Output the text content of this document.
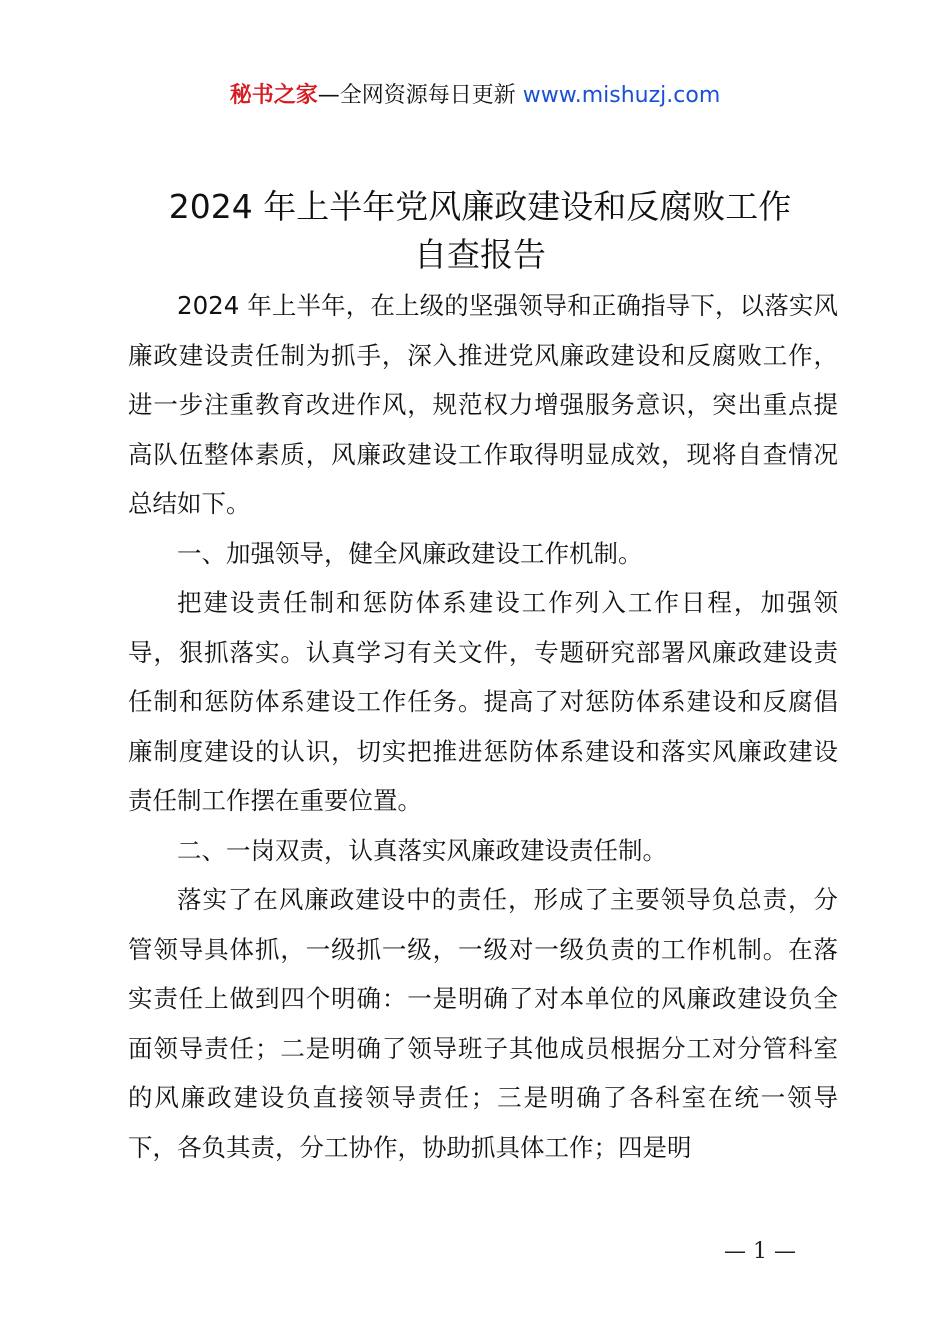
秘书之家—全网资源每日更新 www.mishuzj.com
2024 年上半年党风廉政建设和反腐败工作
自查报告

2024 年上半年，在上级的坚强领导和正确指导下，以落实风廉政建设责任制为抓手，深入推进党风廉政建设和反腐败工作，进一步注重教育改进作风，规范权力增强服务意识，突出重点提高队伍整体素质，风廉政建设工作取得明显成效，现将自查情况总结如下。

一、加强领导，健全风廉政建设工作机制。

把建设责任制和惩防体系建设工作列入工作日程，加强领导，狠抓落实。认真学习有关文件，专题研究部署风廉政建设责任制和惩防体系建设工作任务。提高了对惩防体系建设和反腐倡廉制度建设的认识，切实把推进惩防体系建设和落实风廉政建设责任制工作摆在重要位置。

二、一岗双责，认真落实风廉政建设责任制。

落实了在风廉政建设中的责任，形成了主要领导负总责，分管领导具体抓，一级抓一级，一级对一级负责的工作机制。在落实责任上做到四个明确：一是明确了对本单位的风廉政建设负全面领导责任；二是明确了领导班子其他成员根据分工对分管科室的风廉政建设负直接领导责任；三是明确了各科室在统一领导下，各负其责，分工协作，协助抓具体工作；四是明

— 1 —
